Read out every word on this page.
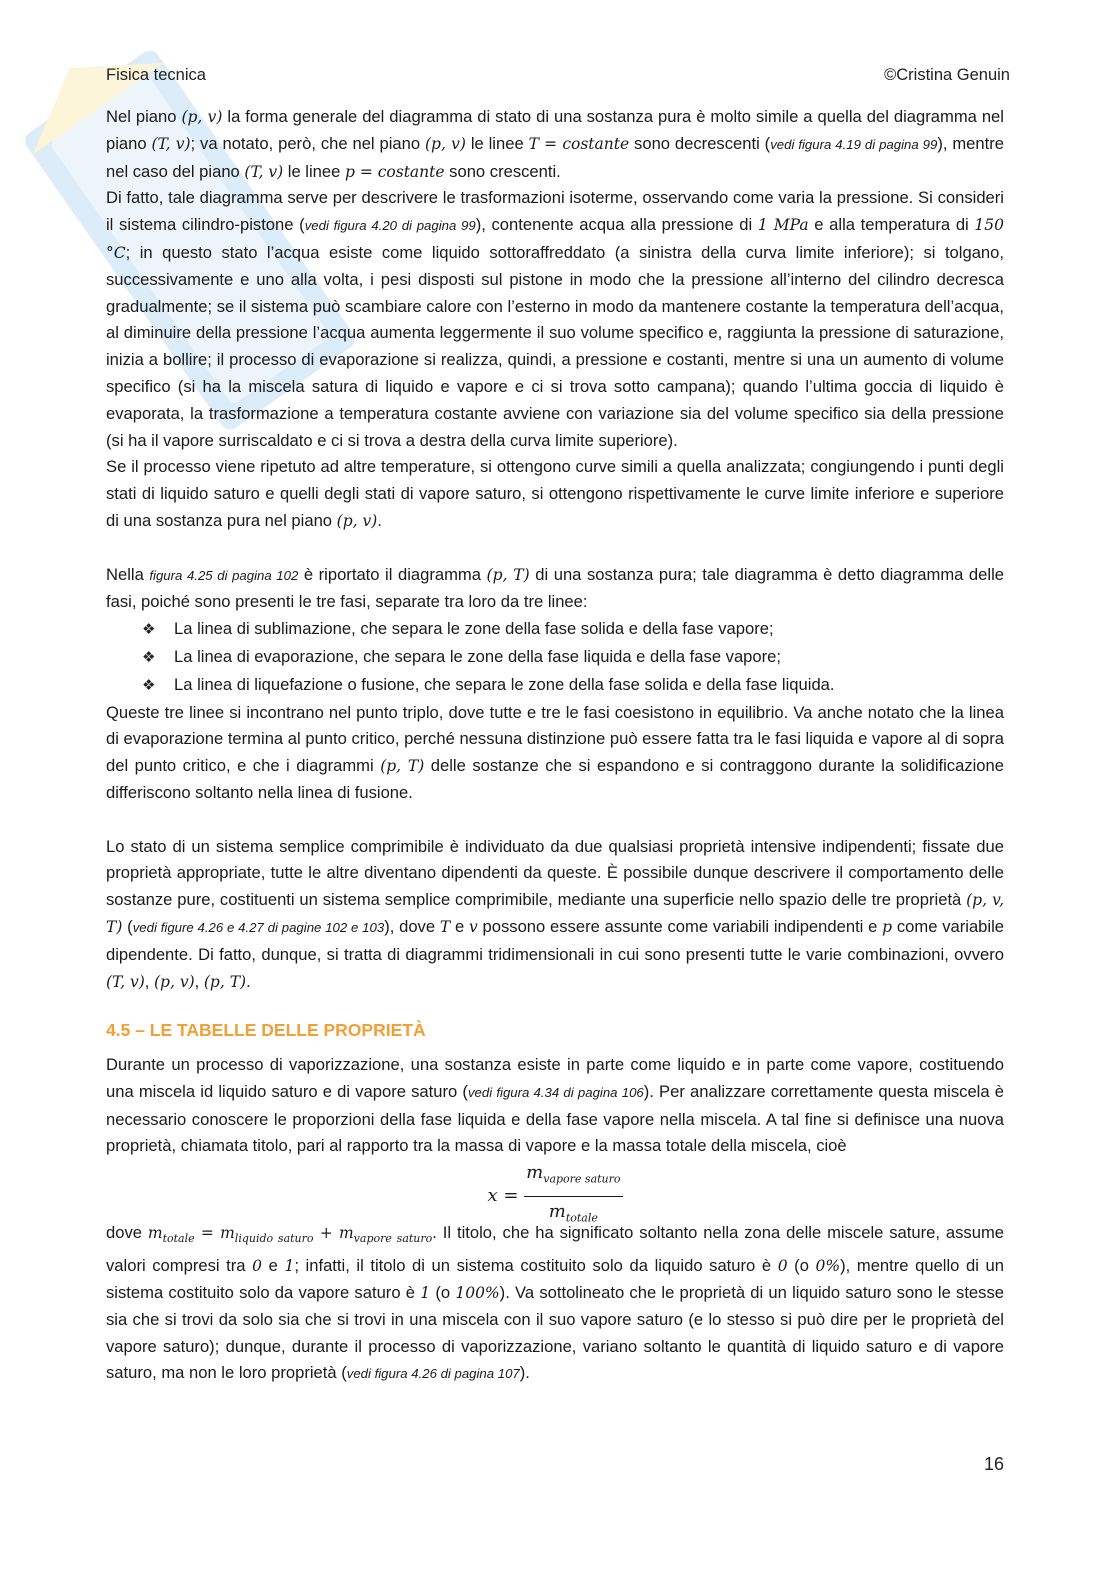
Fisica tecnica	©Cristina Genuin

Nel piano (p, v) la forma generale del diagramma di stato di una sostanza pura è molto simile a quella del diagramma nel piano (T, v); va notato, però, che nel piano (p, v) le linee T = costante sono decrescenti (vedi figura 4.19 di pagina 99), mentre nel caso del piano (T, v) le linee p = costante sono crescenti.

Di fatto, tale diagramma serve per descrivere le trasformazioni isoterme, osservando come varia la pressione. Si consideri il sistema cilindro-pistone (vedi figura 4.20 di pagina 99), contenente acqua alla pressione di 1 MPa e alla temperatura di 150 °C; in questo stato l’acqua esiste come liquido sottoraffreddato (a sinistra della curva limite inferiore); si tolgano, successivamente e uno alla volta, i pesi disposti sul pistone in modo che la pressione all’interno del cilindro decresca gradualmente; se il sistema può scambiare calore con l’esterno in modo da mantenere costante la temperatura dell’acqua, al diminuire della pressione l’acqua aumenta leggermente il suo volume specifico e, raggiunta la pressione di saturazione, inizia a bollire; il processo di evaporazione si realizza, quindi, a pressione e costanti, mentre si una un aumento di volume specifico (si ha la miscela satura di liquido e vapore e ci si trova sotto campana); quando l’ultima goccia di liquido è evaporata, la trasformazione a temperatura costante avviene con variazione sia del volume specifico sia della pressione (si ha il vapore surriscaldato e ci si trova a destra della curva limite superiore).

Se il processo viene ripetuto ad altre temperature, si ottengono curve simili a quella analizzata; congiungendo i punti degli stati di liquido saturo e quelli degli stati di vapore saturo, si ottengono rispettivamente le curve limite inferiore e superiore di una sostanza pura nel piano (p, v).

Nella figura 4.25 di pagina 102 è riportato il diagramma (p, T) di una sostanza pura; tale diagramma è detto diagramma delle fasi, poiché sono presenti le tre fasi, separate tra loro da tre linee:

❖	La linea di sublimazione, che separa le zone della fase solida e della fase vapore;
❖	La linea di evaporazione, che separa le zone della fase liquida e della fase vapore;
❖	La linea di liquefazione o fusione, che separa le zone della fase solida e della fase liquida.

Queste tre linee si incontrano nel punto triplo, dove tutte e tre le fasi coesistono in equilibrio. Va anche notato che la linea di evaporazione termina al punto critico, perché nessuna distinzione può essere fatta tra le fasi liquida e vapore al di sopra del punto critico, e che i diagrammi (p, T) delle sostanze che si espandono e si contraggono durante la solidificazione differiscono soltanto nella linea di fusione.

Lo stato di un sistema semplice comprimibile è individuato da due qualsiasi proprietà intensive indipendenti; fissate due proprietà appropriate, tutte le altre diventano dipendenti da queste. È possibile dunque descrivere il comportamento delle sostanze pure, costituenti un sistema semplice comprimibile, mediante una superficie nello spazio delle tre proprietà (p, v, T) (vedi figure 4.26 e 4.27 di pagine 102 e 103), dove T e v possono essere assunte come variabili indipendenti e p come variabile dipendente. Di fatto, dunque, si tratta di diagrammi tridimensionali in cui sono presenti tutte le varie combinazioni, ovvero (T, v), (p, v), (p, T).

4.5 – LE TABELLE DELLE PROPRIETÀ

Durante un processo di vaporizzazione, una sostanza esiste in parte come liquido e in parte come vapore, costituendo una miscela id liquido saturo e di vapore saturo (vedi figura 4.34 di pagina 106). Per analizzare correttamente questa miscela è necessario conoscere le proporzioni della fase liquida e della fase vapore nella miscela. A tal fine si definisce una nuova proprietà, chiamata titolo, pari al rapporto tra la massa di vapore e la massa totale della miscela, cioè

$x = \frac{m_{vapore saturo}}{m_{totale}}$

dove $m_{totale} = m_{liquido saturo} + m_{vapore saturo}$. Il titolo, che ha significato soltanto nella zona delle miscele sature, assume valori compresi tra 0 e 1; infatti, il titolo di un sistema costituito solo da liquido saturo è 0 (o 0%), mentre quello di un sistema costituito solo da vapore saturo è 1 (o 100%). Va sottolineato che le proprietà di un liquido saturo sono le stesse sia che si trovi da solo sia che si trovi in una miscela con il suo vapore saturo (e lo stesso si può dire per le proprietà del vapore saturo); dunque, durante il processo di vaporizzazione, variano soltanto le quantità di liquido saturo e di vapore saturo, ma non le loro proprietà (vedi figura 4.26 di pagina 107).

16
